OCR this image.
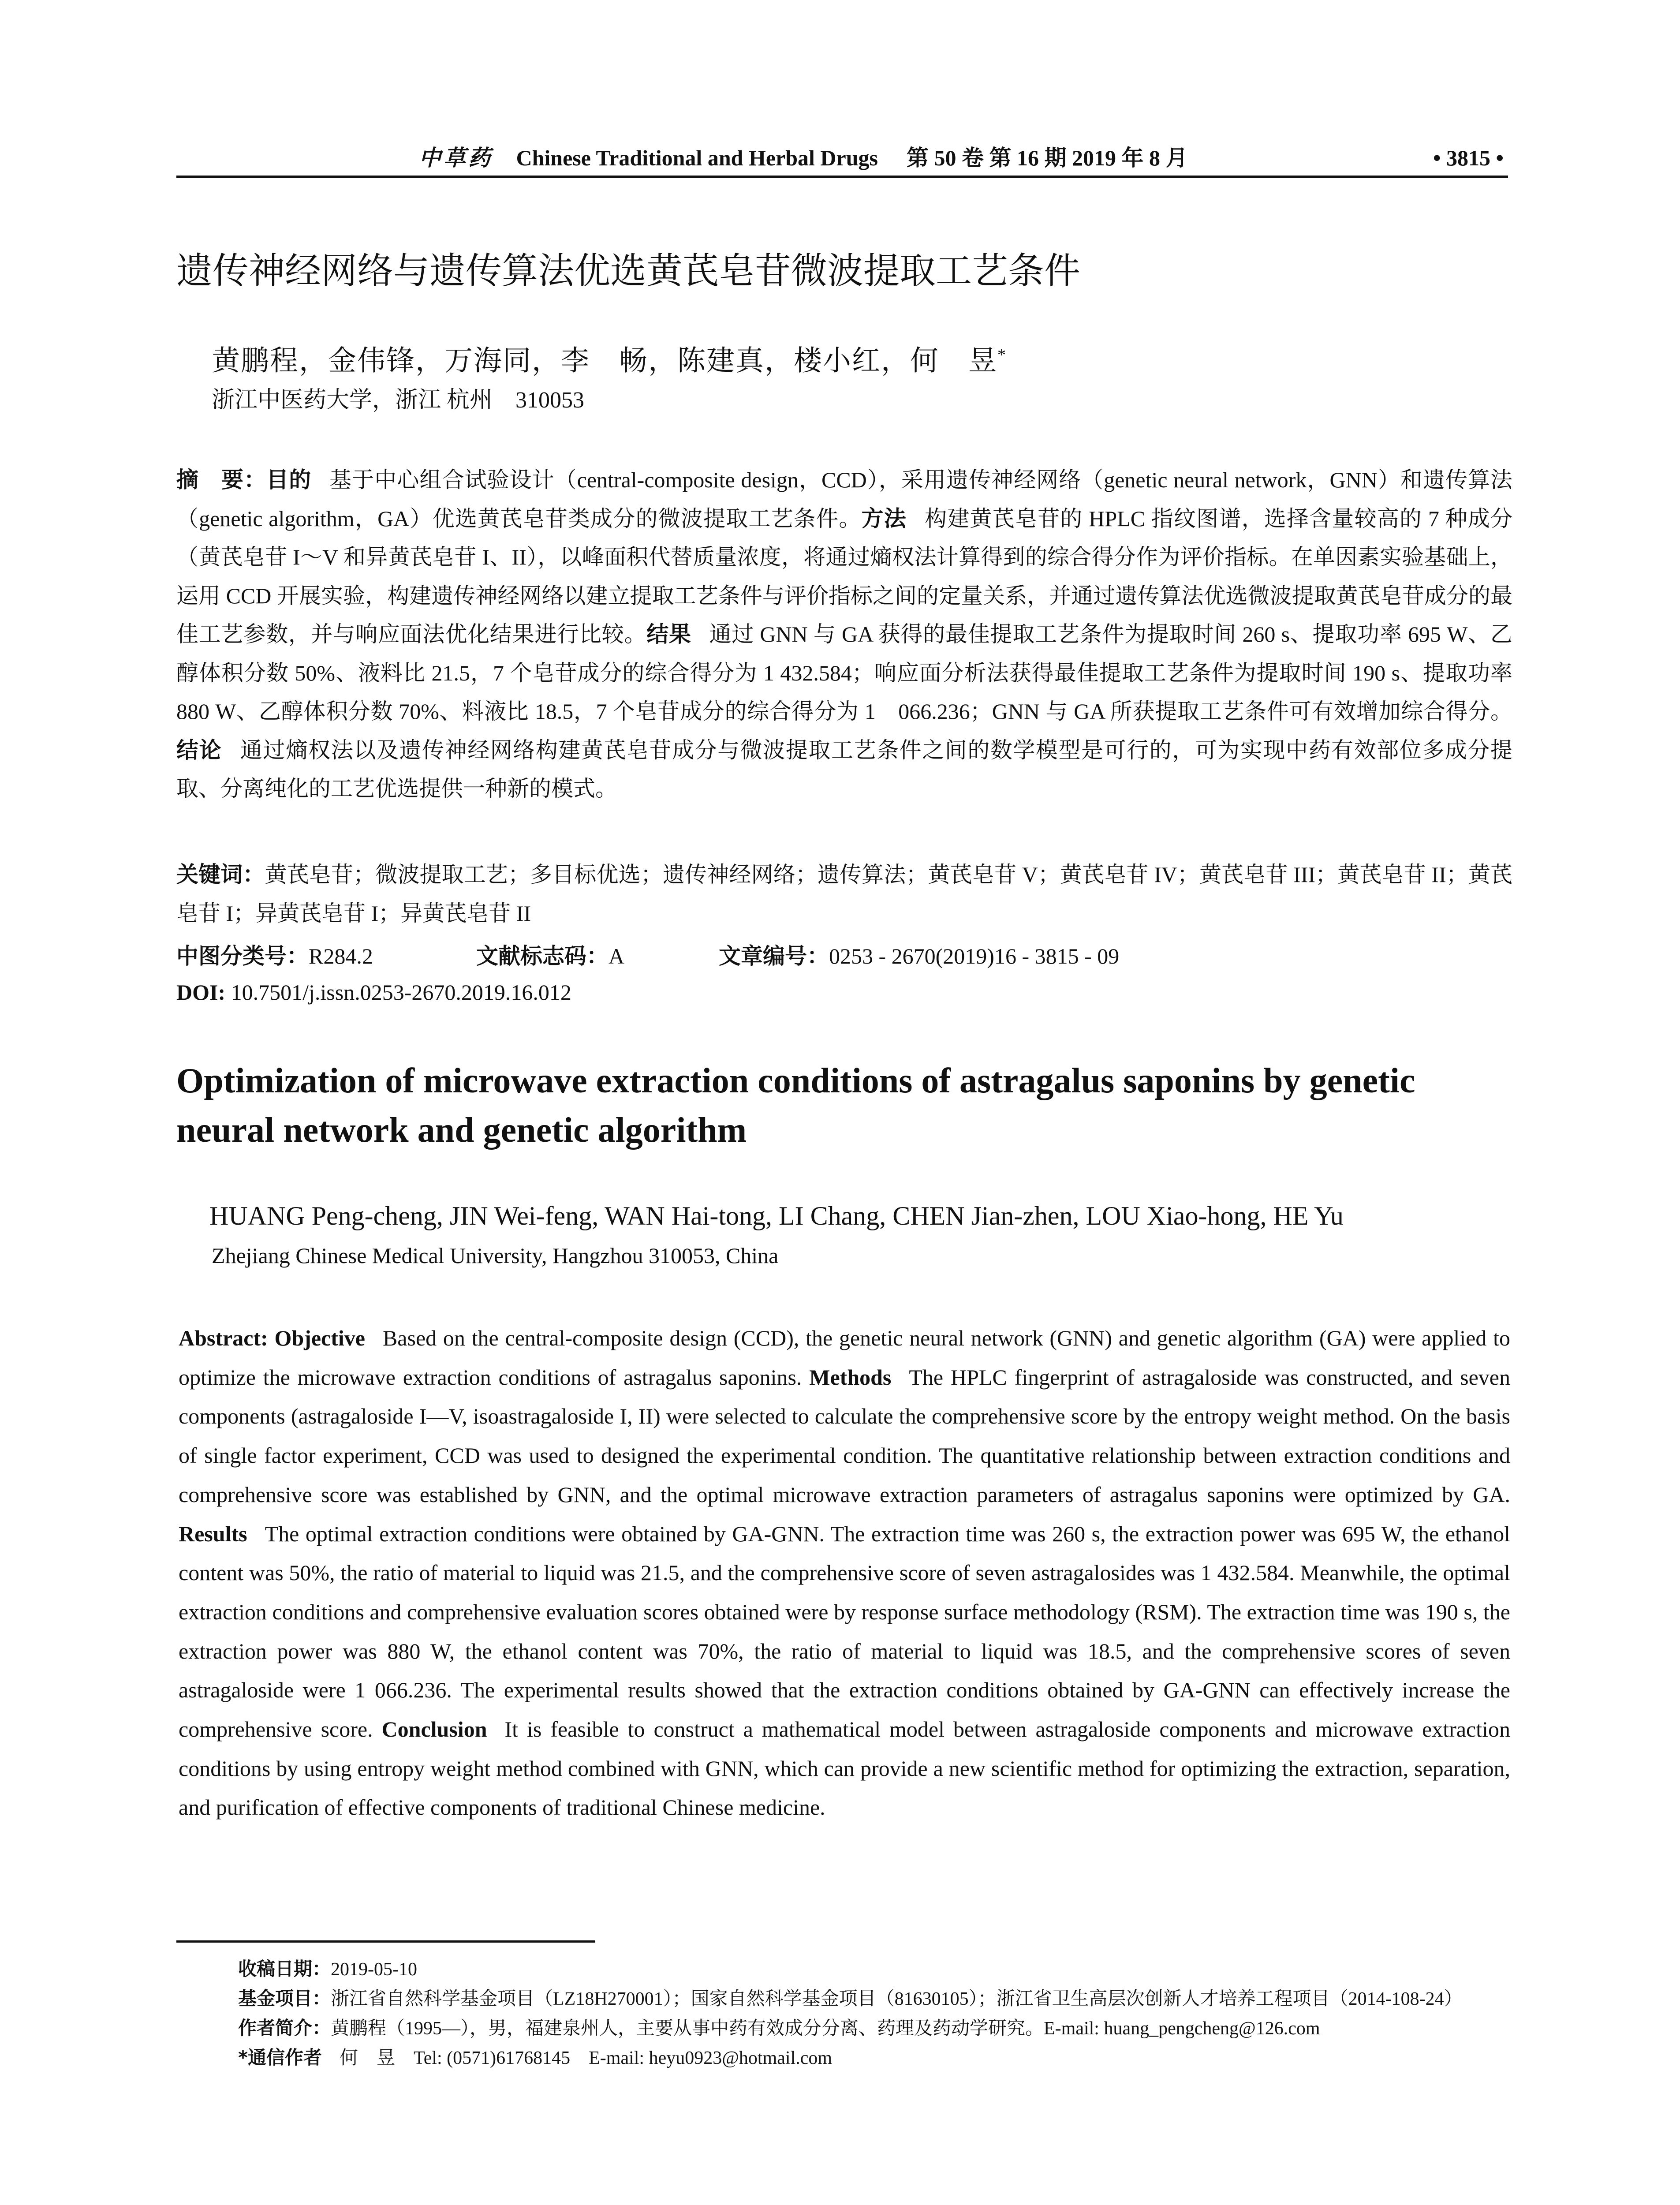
中草药 Chinese Traditional and Herbal Drugs 第 50 卷 第 16 期 2019 年 8 月	• 3815 •
遗传神经网络与遗传算法优选黄芪皂苷微波提取工艺条件
黄鹏程，金伟锋，万海同，李　畅，陈建真，楼小红，何　昱*
浙江中医药大学，浙江 杭州　310053

摘　要：目的 基于中心组合试验设计（central-composite design，CCD），采用遗传神经网络（genetic neural network，GNN）和遗传算法（genetic algorithm，GA）优选黄芪皂苷类成分的微波提取工艺条件。方法 构建黄芪皂苷的 HPLC 指纹图谱，选择含量较高的 7 种成分（黄芪皂苷 I～V 和异黄芪皂苷 I、II），以峰面积代替质量浓度，将通过熵权法计算得到的综合得分作为评价指标。在单因素实验基础上，运用 CCD 开展实验，构建遗传神经网络以建立提取工艺条件与评价指标之间的定量关系，并通过遗传算法优选微波提取黄芪皂苷成分的最佳工艺参数，并与响应面法优化结果进行比较。结果 通过 GNN 与 GA 获得的最佳提取工艺条件为提取时间 260 s、提取功率 695 W、乙醇体积分数 50%、液料比 21.5，7 个皂苷成分的综合得分为 1 432.584；响应面分析法获得最佳提取工艺条件为提取时间 190 s、提取功率 880 W、乙醇体积分数 70%、料液比 18.5，7 个皂苷成分的综合得分为 1　066.236；GNN 与 GA 所获提取工艺条件可有效增加综合得分。结论 通过熵权法以及遗传神经网络构建黄芪皂苷成分与微波提取工艺条件之间的数学模型是可行的，可为实现中药有效部位多成分提取、分离纯化的工艺优选提供一种新的模式。

关键词：黄芪皂苷；微波提取工艺；多目标优选；遗传神经网络；遗传算法；黄芪皂苷 V；黄芪皂苷 IV；黄芪皂苷 III；黄芪皂苷 II；黄芪皂苷 I；异黄芪皂苷 I；异黄芪皂苷 II
中图分类号：R284.2	文献标志码：A	文章编号：0253 - 2670(2019)16 - 3815 - 09
DOI: 10.7501/j.issn.0253-2670.2019.16.012
Optimization of microwave extraction conditions of astragalus saponins by genetic neural network and genetic algorithm
HUANG Peng-cheng, JIN Wei-feng, WAN Hai-tong, LI Chang, CHEN Jian-zhen, LOU Xiao-hong, HE Yu
Zhejiang Chinese Medical University, Hangzhou 310053, China
Abstract: Objective Based on the central-composite design (CCD), the genetic neural network (GNN) and genetic algorithm (GA) were applied to optimize the microwave extraction conditions of astragalus saponins. Methods The HPLC fingerprint of astragaloside was constructed, and seven components (astragaloside I—V, isoastragaloside I, II) were selected to calculate the comprehensive score by the entropy weight method. On the basis of single factor experiment, CCD was used to designed the experimental condition. The quantitative relationship between extraction conditions and comprehensive score was established by GNN, and the optimal microwave extraction parameters of astragalus saponins were optimized by GA. Results The optimal extraction conditions were obtained by GA-GNN. The extraction time was 260 s, the extraction power was 695 W, the ethanol content was 50%, the ratio of material to liquid was 21.5, and the comprehensive score of seven astragalosides was 1 432.584. Meanwhile, the optimal extraction conditions and comprehensive evaluation scores obtained were by response surface methodology (RSM). The extraction time was 190 s, the extraction power was 880 W, the ethanol content was 70%, the ratio of material to liquid was 18.5, and the comprehensive scores of seven astragaloside were 1 066.236. The experimental results showed that the extraction conditions obtained by GA-GNN can effectively increase the comprehensive score. Conclusion It is feasible to construct a mathematical model between astragaloside components and microwave extraction conditions by using entropy weight method combined with GNN, which can provide a new scientific method for optimizing the extraction, separation, and purification of effective components of traditional Chinese medicine.
收稿日期：2019-05-10
基金项目：浙江省自然科学基金项目（LZ18H270001）；国家自然科学基金项目（81630105）；浙江省卫生高层次创新人才培养工程项目（2014-108-24）
作者简介：黄鹏程（1995—），男，福建泉州人，主要从事中药有效成分分离、药理及药动学研究。E-mail: huang_pengcheng@126.com
*通信作者 何　昱　Tel: (0571)61768145　E-mail: heyu0923@hotmail.com
